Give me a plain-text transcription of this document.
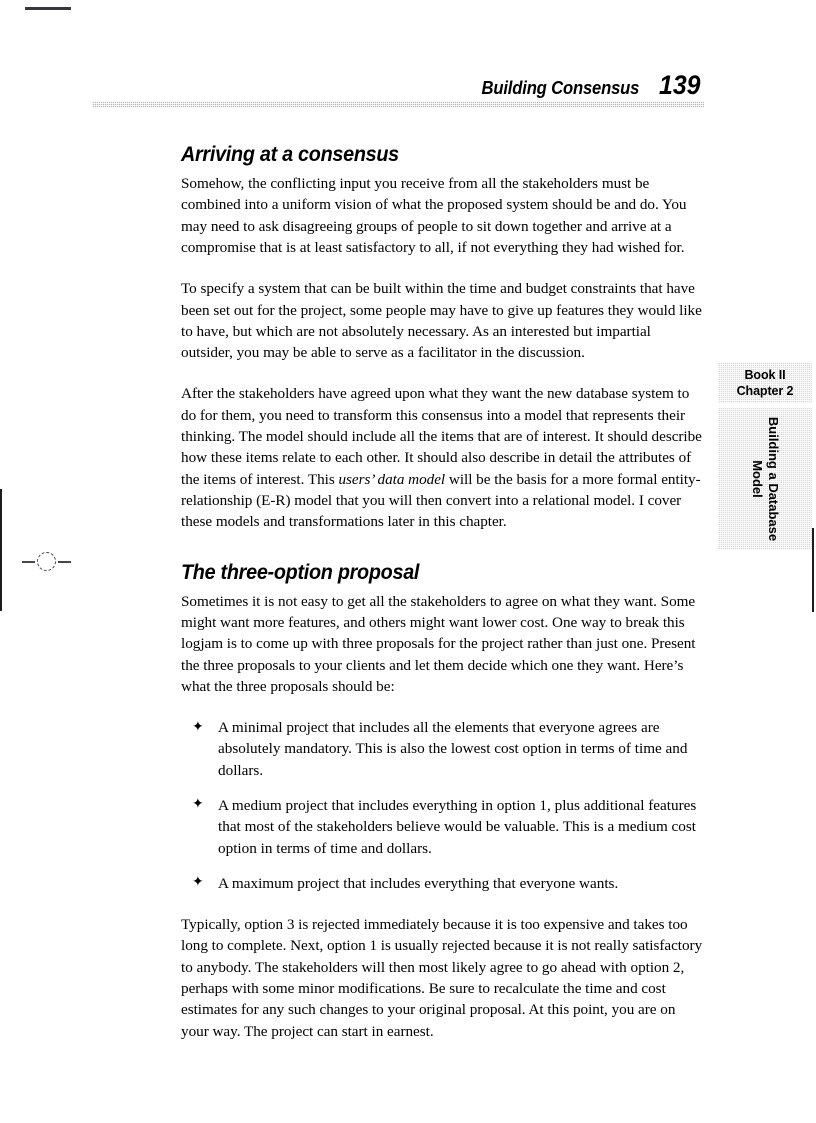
Building Consensus 139
Arriving at a consensus

Somehow, the conflicting input you receive from all the stakeholders must be combined into a uniform vision of what the proposed system should be and do. You may need to ask disagreeing groups of people to sit down together and arrive at a compromise that is at least satisfactory to all, if not everything they had wished for.

To specify a system that can be built within the time and budget constraints that have been set out for the project, some people may have to give up features they would like to have, but which are not absolutely necessary. As an interested but impartial outsider, you may be able to serve as a facilitator in the discussion.

After the stakeholders have agreed upon what they want the new database system to do for them, you need to transform this consensus into a model that represents their thinking. The model should include all the items that are of interest. It should describe how these items relate to each other. It should also describe in detail the attributes of the items of interest. This users’ data model will be the basis for a more formal entity-relationship (E-R) model that you will then convert into a relational model. I cover these models and transformations later in this chapter.

The three-option proposal

Sometimes it is not easy to get all the stakeholders to agree on what they want. Some might want more features, and others might want lower cost. One way to break this logjam is to come up with three proposals for the project rather than just one. Present the three proposals to your clients and let them decide which one they want. Here’s what the three proposals should be:

✦ A minimal project that includes all the elements that everyone agrees are absolutely mandatory. This is also the lowest cost option in terms of time and dollars.
✦ A medium project that includes everything in option 1, plus additional features that most of the stakeholders believe would be valuable. This is a medium cost option in terms of time and dollars.
✦ A maximum project that includes everything that everyone wants.

Typically, option 3 is rejected immediately because it is too expensive and takes too long to complete. Next, option 1 is usually rejected because it is not really satisfactory to anybody. The stakeholders will then most likely agree to go ahead with option 2, perhaps with some minor modifications. Be sure to recalculate the time and cost estimates for any such changes to your original proposal. At this point, you are on your way. The project can start in earnest.

Book II
Chapter 2
Building a Database
Model
